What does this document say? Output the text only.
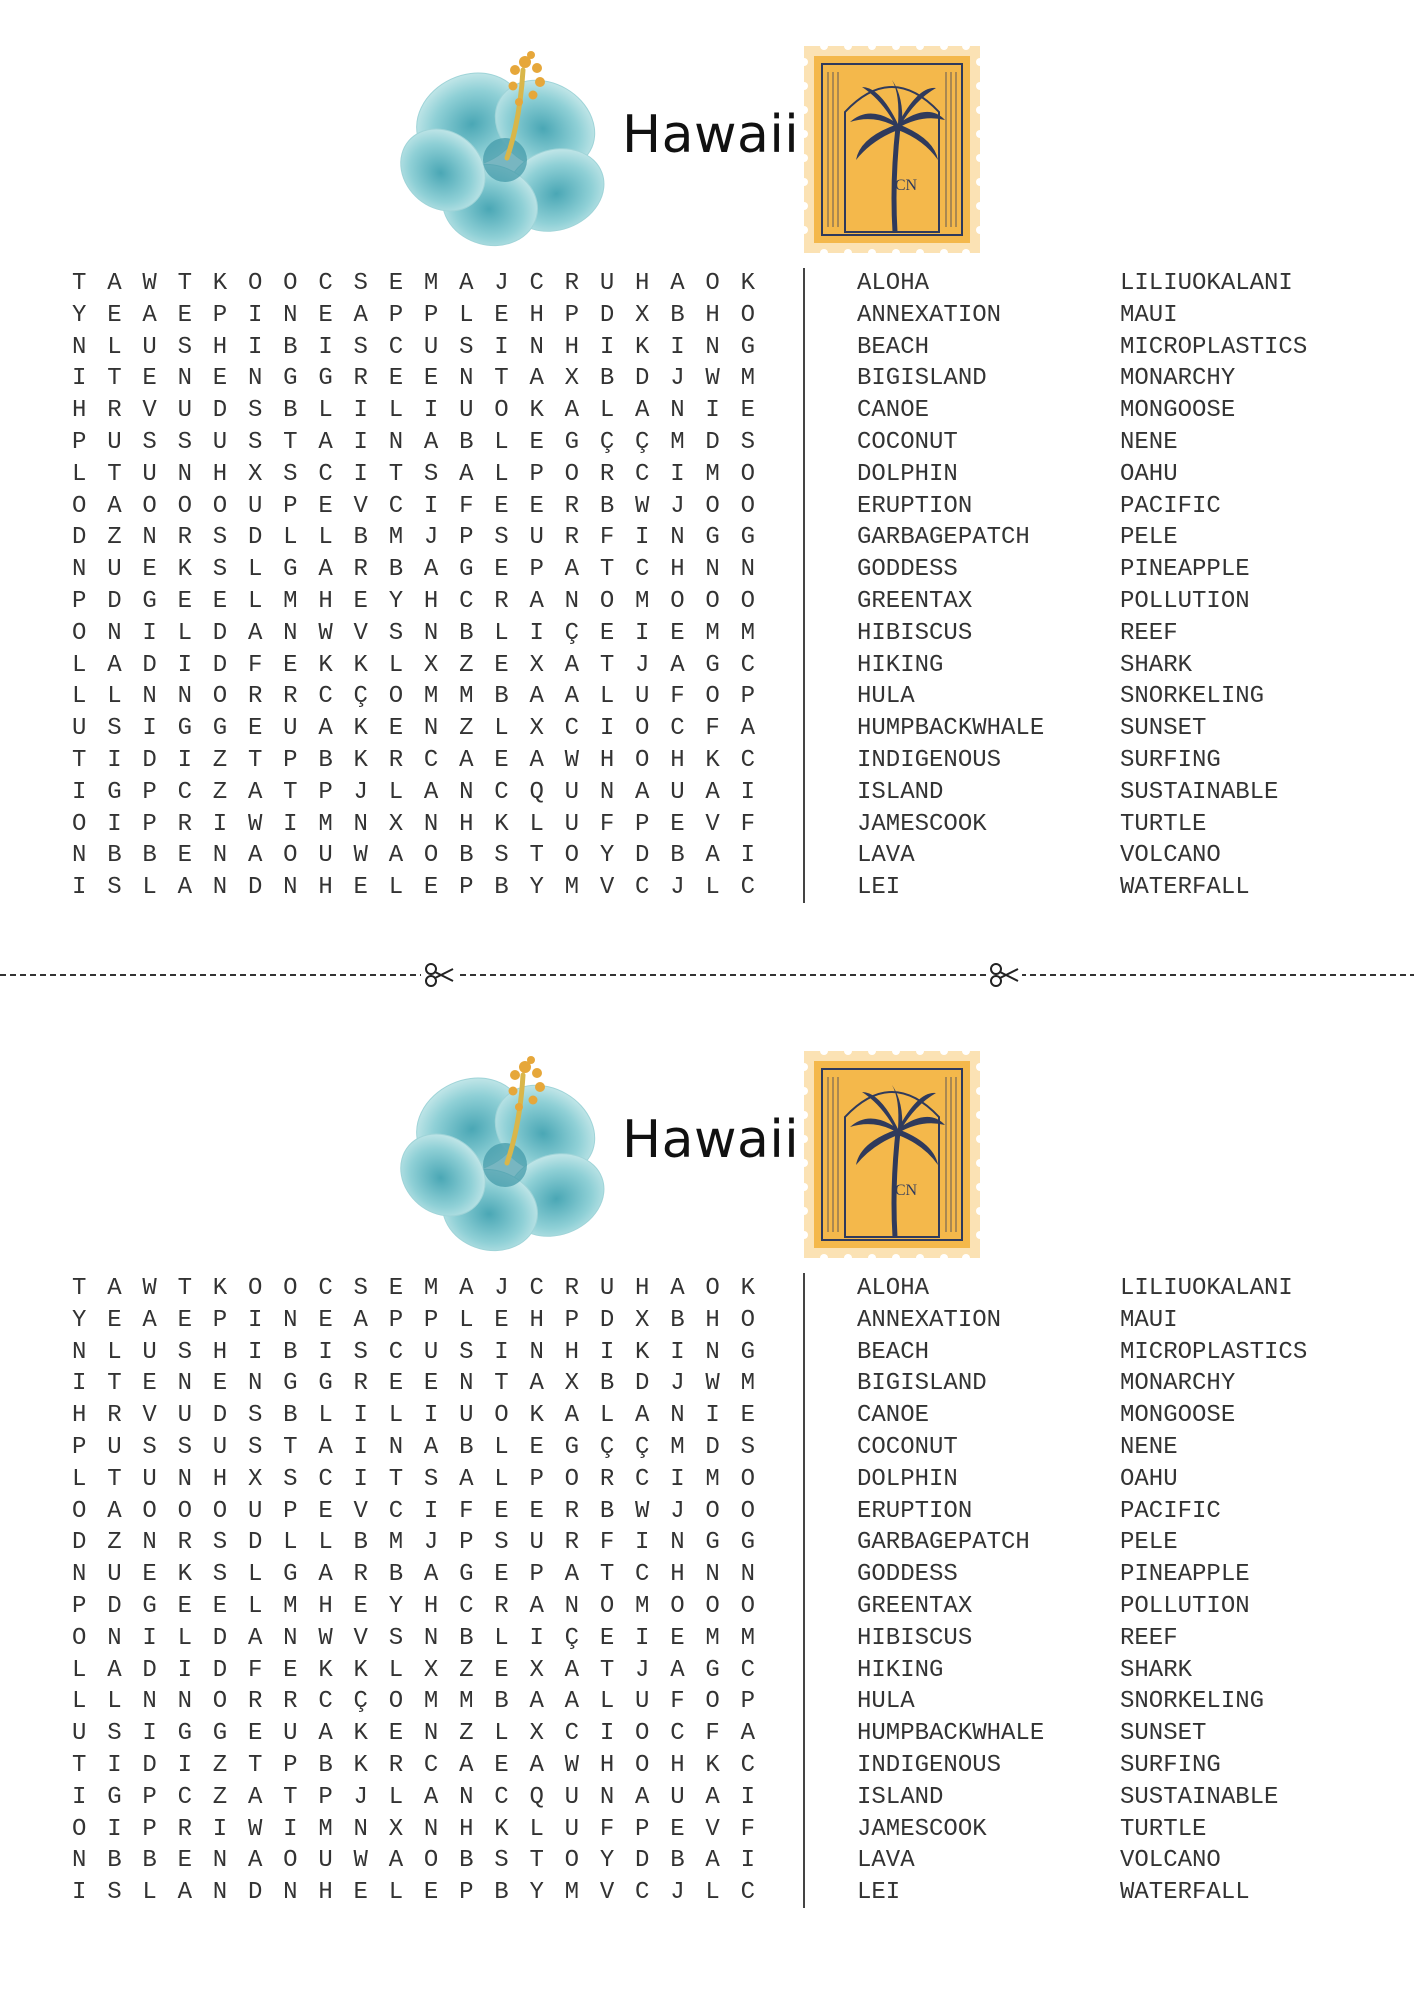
Hawaii
CN
T A W T K O O C S E M A J C R U H A O K
Y E A E P I N E A P P L E H P D X B H O
N L U S H I B I S C U S I N H I K I N G
I T E N E N G G R E E N T A X B D J W M
H R V U D S B L I L I U O K A L A N I E
P U S S U S T A I N A B L E G Ç Ç M D S
L T U N H X S C I T S A L P O R C I M O
O A O O O U P E V C I F E E R B W J O O
D Z N R S D L L B M J P S U R F I N G G
N U E K S L G A R B A G E P A T C H N N
P D G E E L M H E Y H C R A N O M O O O
O N I L D A N W V S N B L I Ç E I E M M
L A D I D F E K K L X Z E X A T J A G C
L L N N O R R C Ç O M M B A A L U F O P
U S I G G E U A K E N Z L X C I O C F A
T I D I Z T P B K R C A E A W H O H K C
I G P C Z A T P J L A N C Q U N A U A I
O I P R I W I M N X N H K L U F P E V F
N B B E N A O U W A O B S T O Y D B A I
I S L A N D N H E L E P B Y M V C J L C
ALOHA
ANNEXATION
BEACH
BIGISLAND
CANOE
COCONUT
DOLPHIN
ERUPTION
GARBAGEPATCH
GODDESS
GREENTAX
HIBISCUS
HIKING
HULA
HUMPBACKWHALE
INDIGENOUS
ISLAND
JAMESCOOK
LAVA
LEI
LILIUOKALANI
MAUI
MICROPLASTICS
MONARCHY
MONGOOSE
NENE
OAHU
PACIFIC
PELE
PINEAPPLE
POLLUTION
REEF
SHARK
SNORKELING
SUNSET
SURFING
SUSTAINABLE
TURTLE
VOLCANO
WATERFALL
Hawaii
CN
T A W T K O O C S E M A J C R U H A O K
Y E A E P I N E A P P L E H P D X B H O
N L U S H I B I S C U S I N H I K I N G
I T E N E N G G R E E N T A X B D J W M
H R V U D S B L I L I U O K A L A N I E
P U S S U S T A I N A B L E G Ç Ç M D S
L T U N H X S C I T S A L P O R C I M O
O A O O O U P E V C I F E E R B W J O O
D Z N R S D L L B M J P S U R F I N G G
N U E K S L G A R B A G E P A T C H N N
P D G E E L M H E Y H C R A N O M O O O
O N I L D A N W V S N B L I Ç E I E M M
L A D I D F E K K L X Z E X A T J A G C
L L N N O R R C Ç O M M B A A L U F O P
U S I G G E U A K E N Z L X C I O C F A
T I D I Z T P B K R C A E A W H O H K C
I G P C Z A T P J L A N C Q U N A U A I
O I P R I W I M N X N H K L U F P E V F
N B B E N A O U W A O B S T O Y D B A I
I S L A N D N H E L E P B Y M V C J L C
ALOHA
ANNEXATION
BEACH
BIGISLAND
CANOE
COCONUT
DOLPHIN
ERUPTION
GARBAGEPATCH
GODDESS
GREENTAX
HIBISCUS
HIKING
HULA
HUMPBACKWHALE
INDIGENOUS
ISLAND
JAMESCOOK
LAVA
LEI
LILIUOKALANI
MAUI
MICROPLASTICS
MONARCHY
MONGOOSE
NENE
OAHU
PACIFIC
PELE
PINEAPPLE
POLLUTION
REEF
SHARK
SNORKELING
SUNSET
SURFING
SUSTAINABLE
TURTLE
VOLCANO
WATERFALL
